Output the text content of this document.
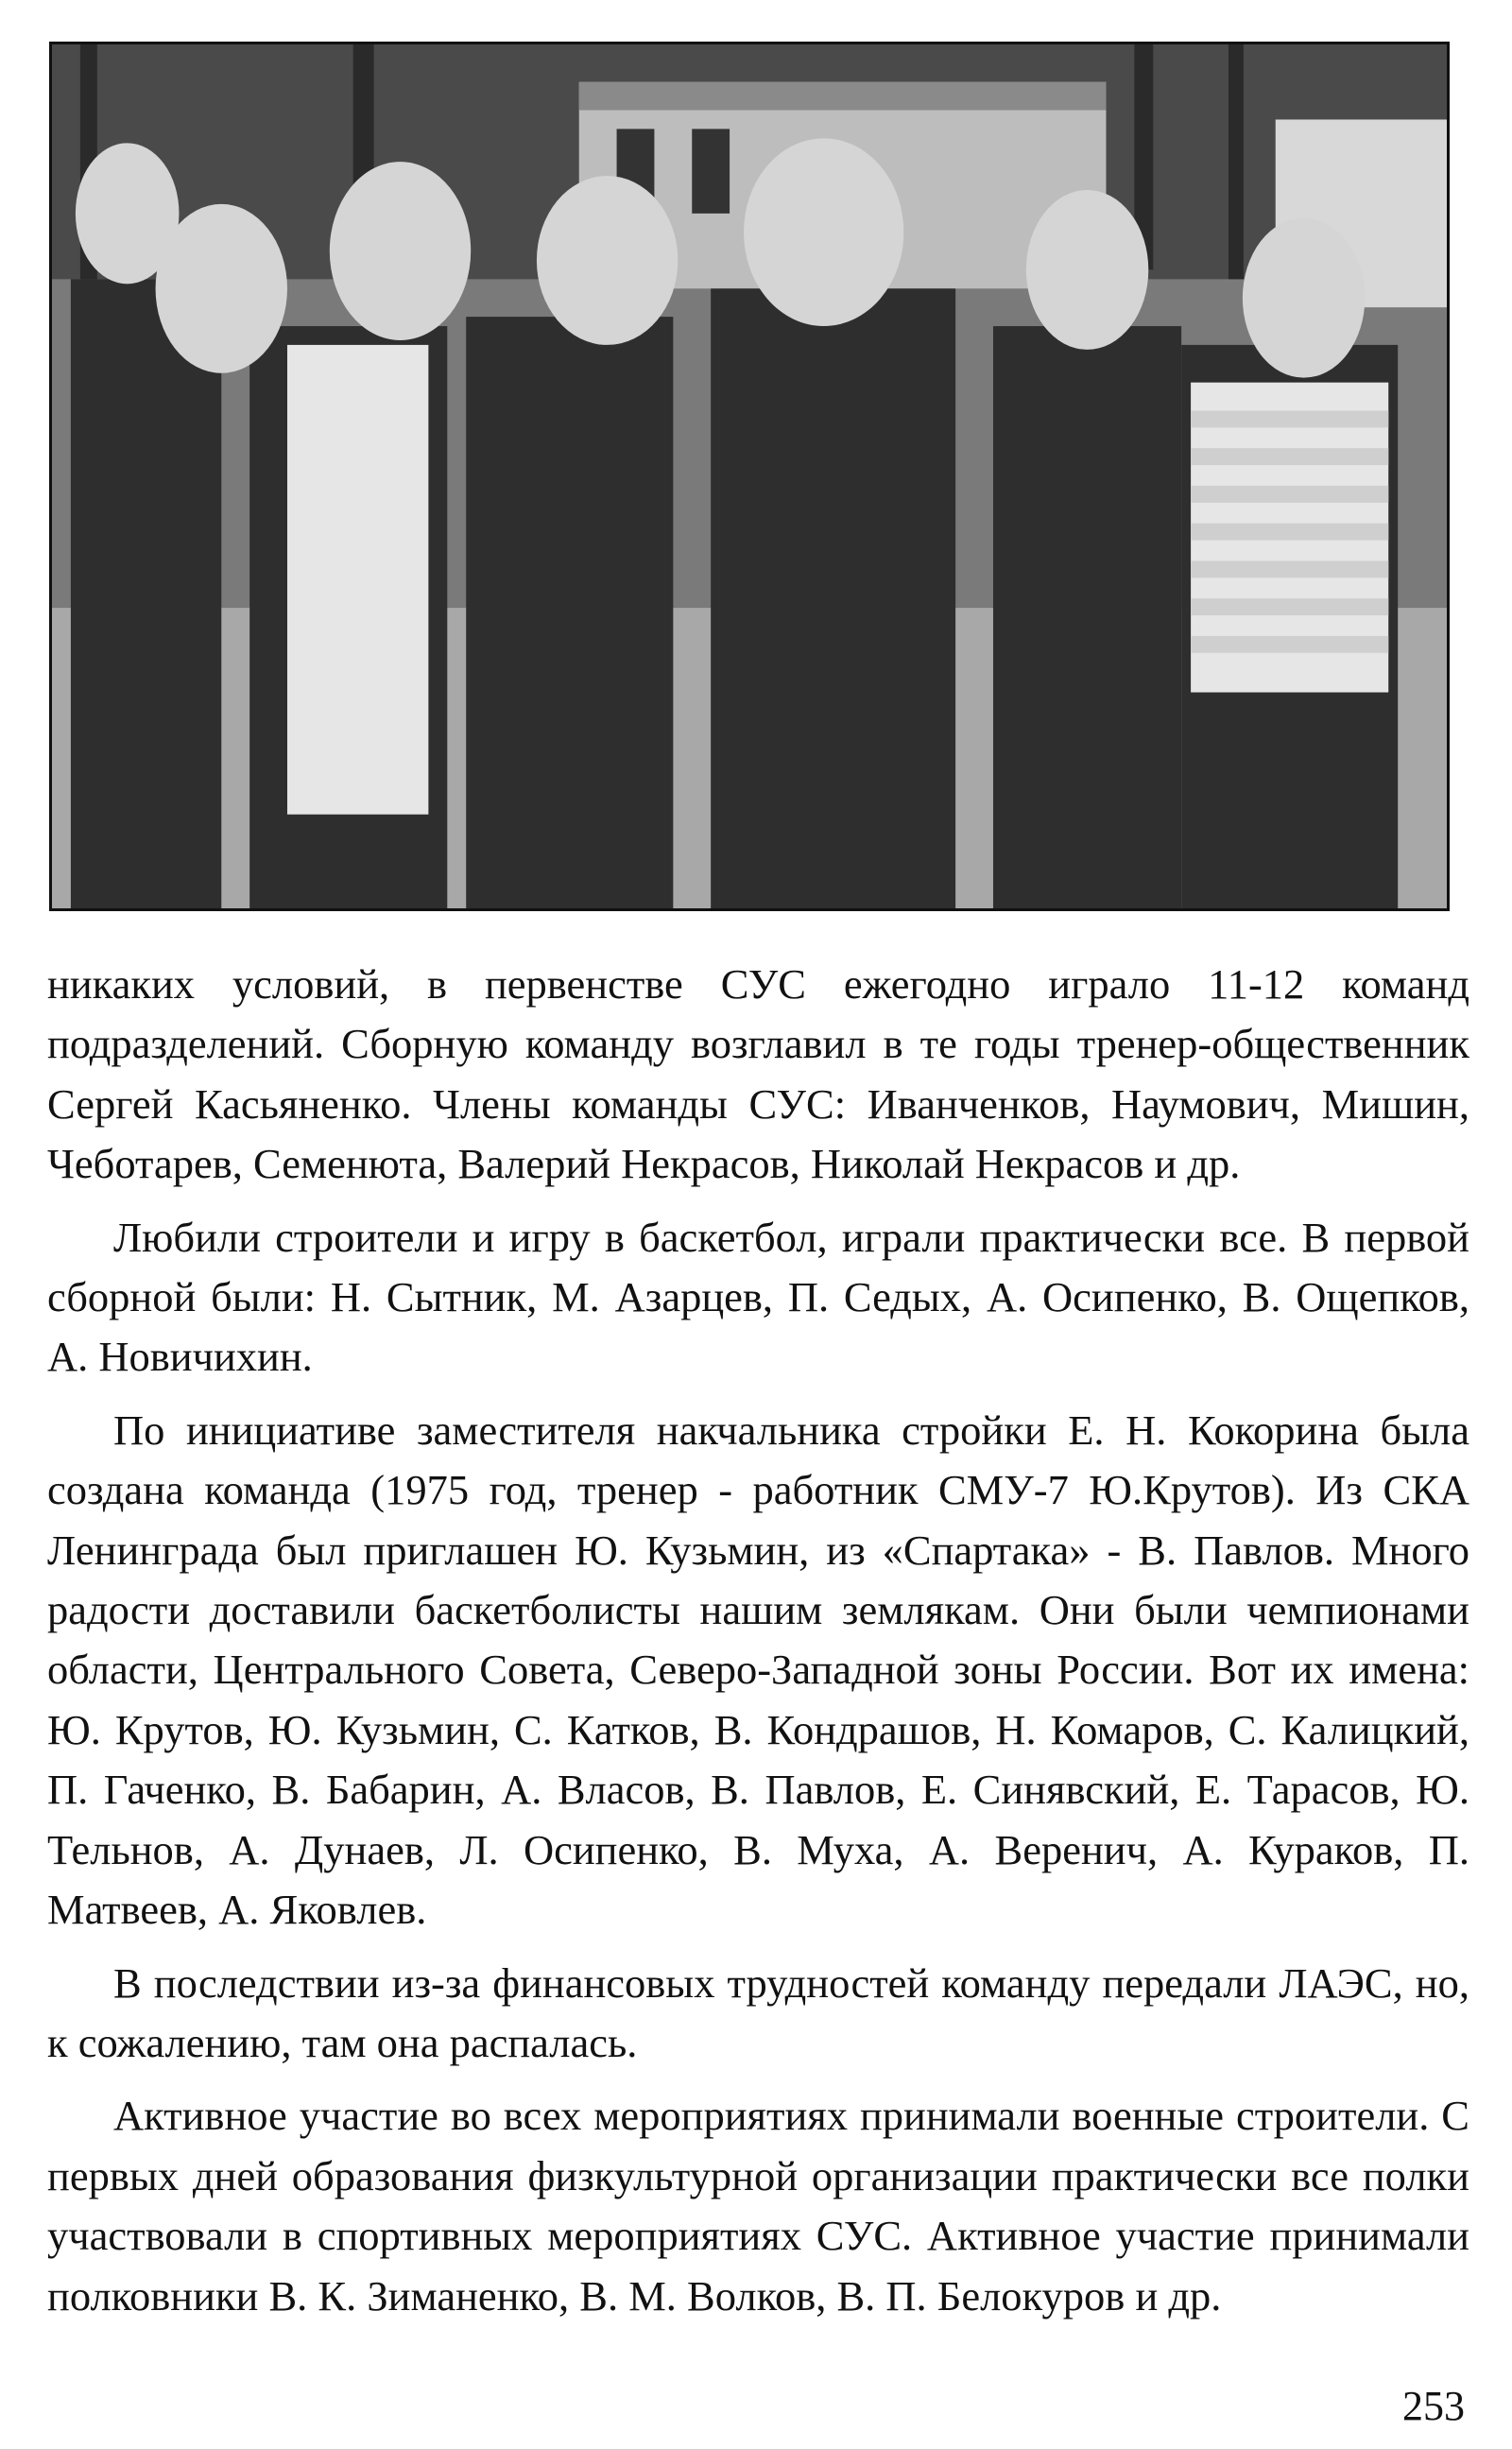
никаких условий, в первенстве СУС ежегодно играло 11-12 команд подразделений. Сборную команду возглавил в те годы тренер-общественник Сергей Касьяненко. Члены команды СУС: Иванченков, Наумович, Мишин, Чеботарев, Семенюта, Валерий Некрасов, Николай Некрасов и др.

Любили строители и игру в баскетбол, играли практически все. В первой сборной были: Н. Сытник, М. Азарцев, П. Седых, А. Осипенко, В. Ощепков, А. Новичихин.

По инициативе заместителя накчальника стройки Е. Н. Кокорина была создана команда (1975 год, тренер - работник СМУ-7 Ю.Крутов). Из СКА Ленинграда был приглашен Ю. Кузьмин, из «Спартака» - В. Павлов. Много радости доставили баскетболисты нашим землякам. Они были чемпионами области, Центрального Совета, Северо-Западной зоны России. Вот их имена: Ю. Крутов, Ю. Кузьмин, С. Катков, В. Кондрашов, Н. Комаров, С. Калицкий, П. Гаченко, В. Бабарин, А. Власов, В. Павлов, Е. Синявский, Е. Тарасов, Ю. Тельнов, А. Дунаев, Л. Осипенко, В. Муха, А. Веренич, А. Кураков, П. Матвеев, А. Яковлев.

В последствии из-за финансовых трудностей команду передали ЛАЭС, но, к сожалению, там она распалась.

Активное участие во всех мероприятиях принимали военные строители. С первых дней образования физкультурной организации практически все полки участвовали в спортивных мероприятиях СУС. Активное участие принимали полковники В. К. Зиманенко, В. М. Волков, В. П. Белокуров и др.

253
